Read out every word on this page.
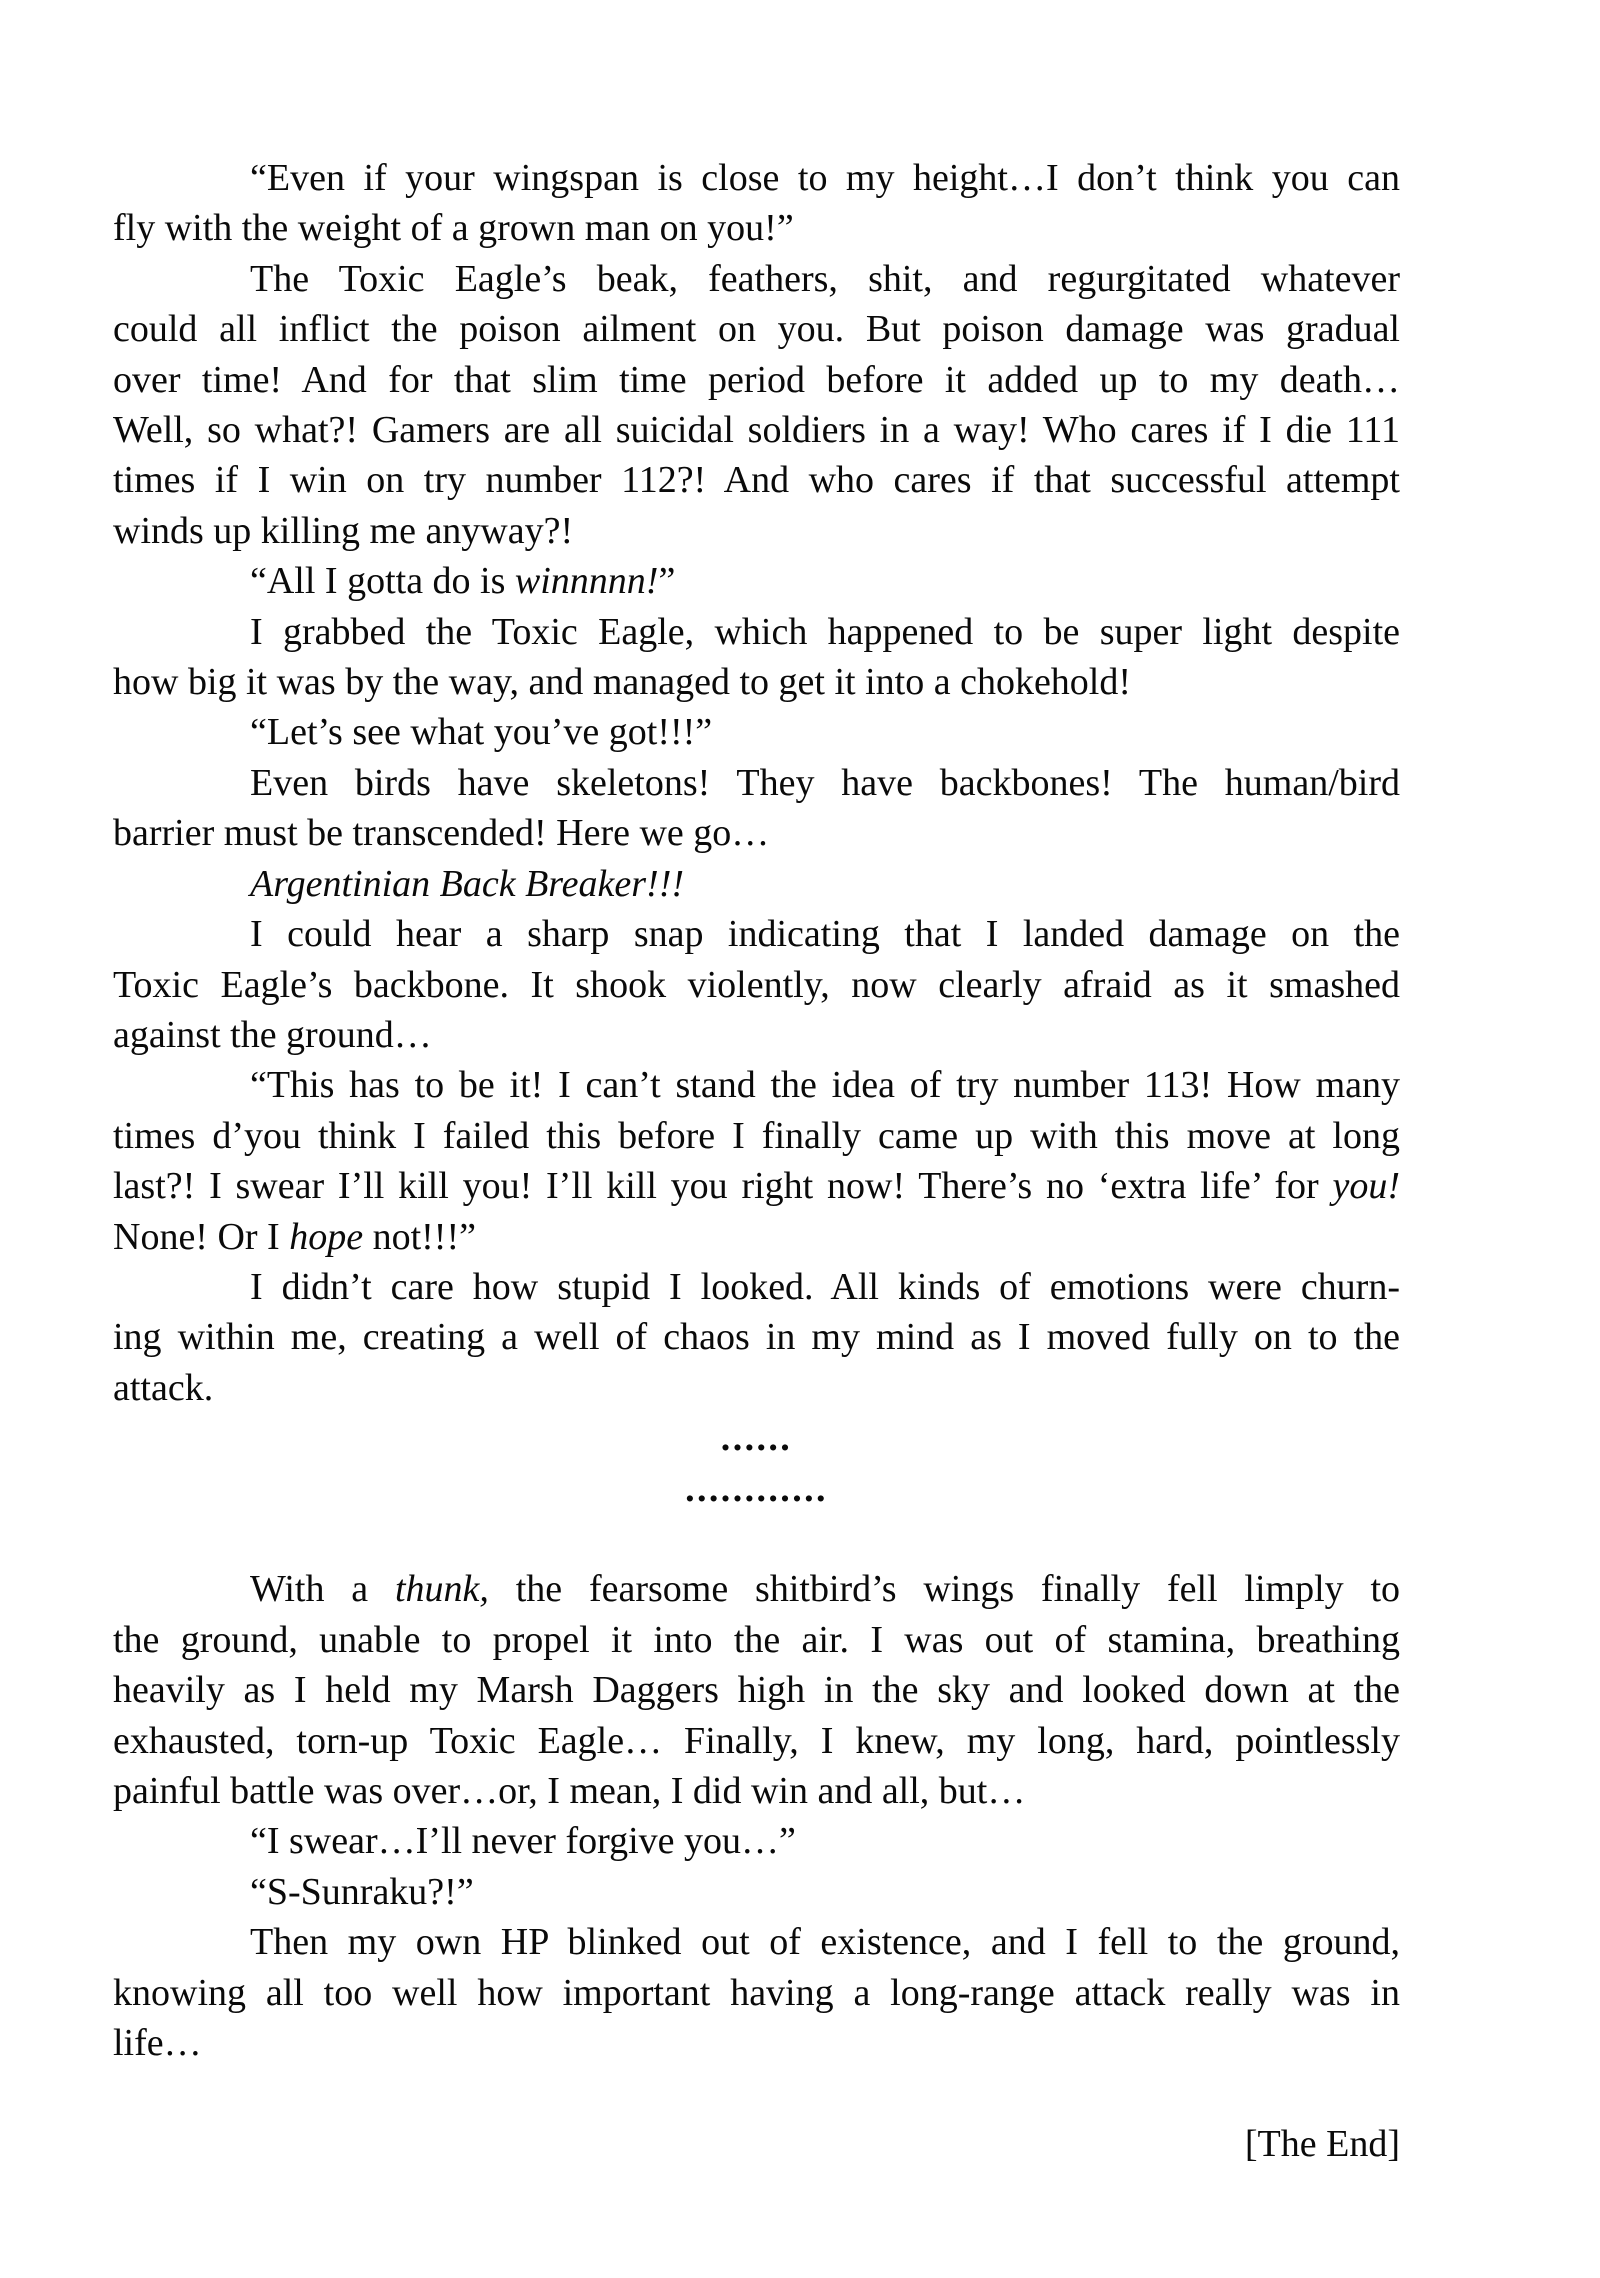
“Even if your wingspan is close to my height…I don’t think you can
fly with the weight of a grown man on you!”
The Toxic Eagle’s beak, feathers, shit, and regurgitated whatever
could all inflict the poison ailment on you. But poison damage was gradual
over time! And for that slim time period before it added up to my death…
Well, so what?! Gamers are all suicidal soldiers in a way! Who cares if I die 111
times if I win on try number 112?! And who cares if that successful attempt
winds up killing me anyway?!
“All I gotta do is winnnnn!”
I grabbed the Toxic Eagle, which happened to be super light despite
how big it was by the way, and managed to get it into a chokehold!
“Let’s see what you’ve got!!!”
Even birds have skeletons! They have backbones! The human/bird
barrier must be transcended! Here we go…
Argentinian Back Breaker!!!
I could hear a sharp snap indicating that I landed damage on the
Toxic Eagle’s backbone. It shook violently, now clearly afraid as it smashed
against the ground…
“This has to be it! I can’t stand the idea of try number 113! How many
times d’you think I failed this before I finally came up with this move at long
last?! I swear I’ll kill you! I’ll kill you right now! There’s no ‘extra life’ for you!
None! Or I hope not!!!”
I didn’t care how stupid I looked. All kinds of emotions were churn-
ing within me, creating a well of chaos in my mind as I moved fully on to the
attack.
......
............
With a thunk, the fearsome shitbird’s wings finally fell limply to
the ground, unable to propel it into the air. I was out of stamina, breathing
heavily as I held my Marsh Daggers high in the sky and looked down at the
exhausted, torn-up Toxic Eagle… Finally, I knew, my long, hard, pointlessly
painful battle was over…or, I mean, I did win and all, but…
“I swear…I’ll never forgive you…”
“S-Sunraku?!”
Then my own HP blinked out of existence, and I fell to the ground,
knowing all too well how important having a long-range attack really was in
life…
[The End]
